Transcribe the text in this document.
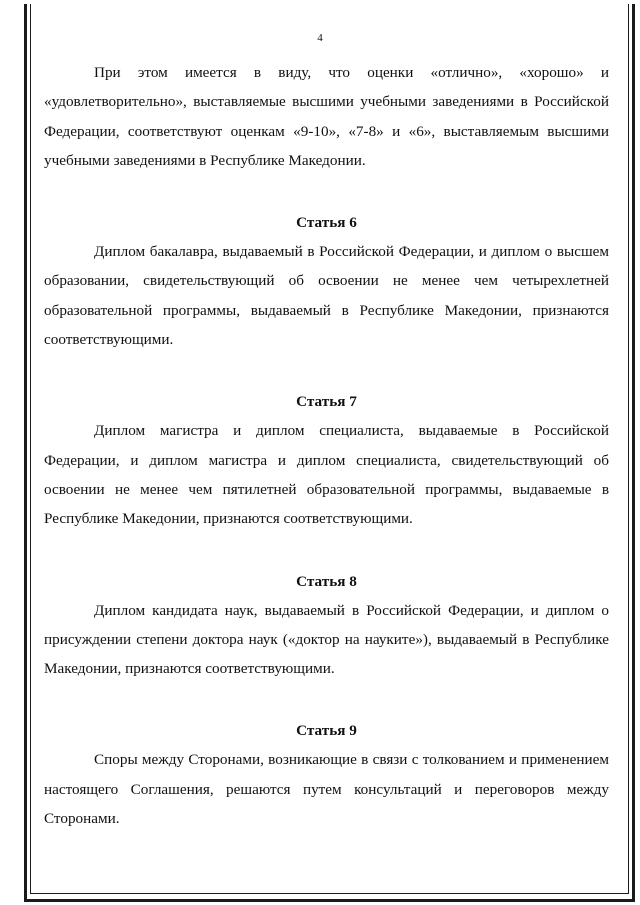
4

При этом имеется в виду, что оценки «отлично», «хорошо» и «удовлетворительно», выставляемые высшими учебными заведениями в Российской Федерации, соответствуют оценкам «9-10», «7-8» и «6», выставляемым высшими учебными заведениями в Республике Македонии.

Статья 6

Диплом бакалавра, выдаваемый в Российской Федерации, и диплом о высшем образовании, свидетельствующий об освоении не менее чем четырехлетней образовательной программы, выдаваемый в Республике Македонии, признаются соответствующими.

Статья 7

Диплом магистра и диплом специалиста, выдаваемые в Российской Федерации, и диплом магистра и диплом специалиста, свидетельствующий об освоении не менее чем пятилетней образовательной программы, выдаваемые в Республике Македонии, признаются соответствующими.

Статья 8

Диплом кандидата наук, выдаваемый в Российской Федерации, и диплом о присуждении степени доктора наук («доктор на науките»), выдаваемый в Республике Македонии, признаются соответствующими.

Статья 9

Споры между Сторонами, возникающие в связи с толкованием и применением настоящего Соглашения, решаются путем консультаций и переговоров между Сторонами.
